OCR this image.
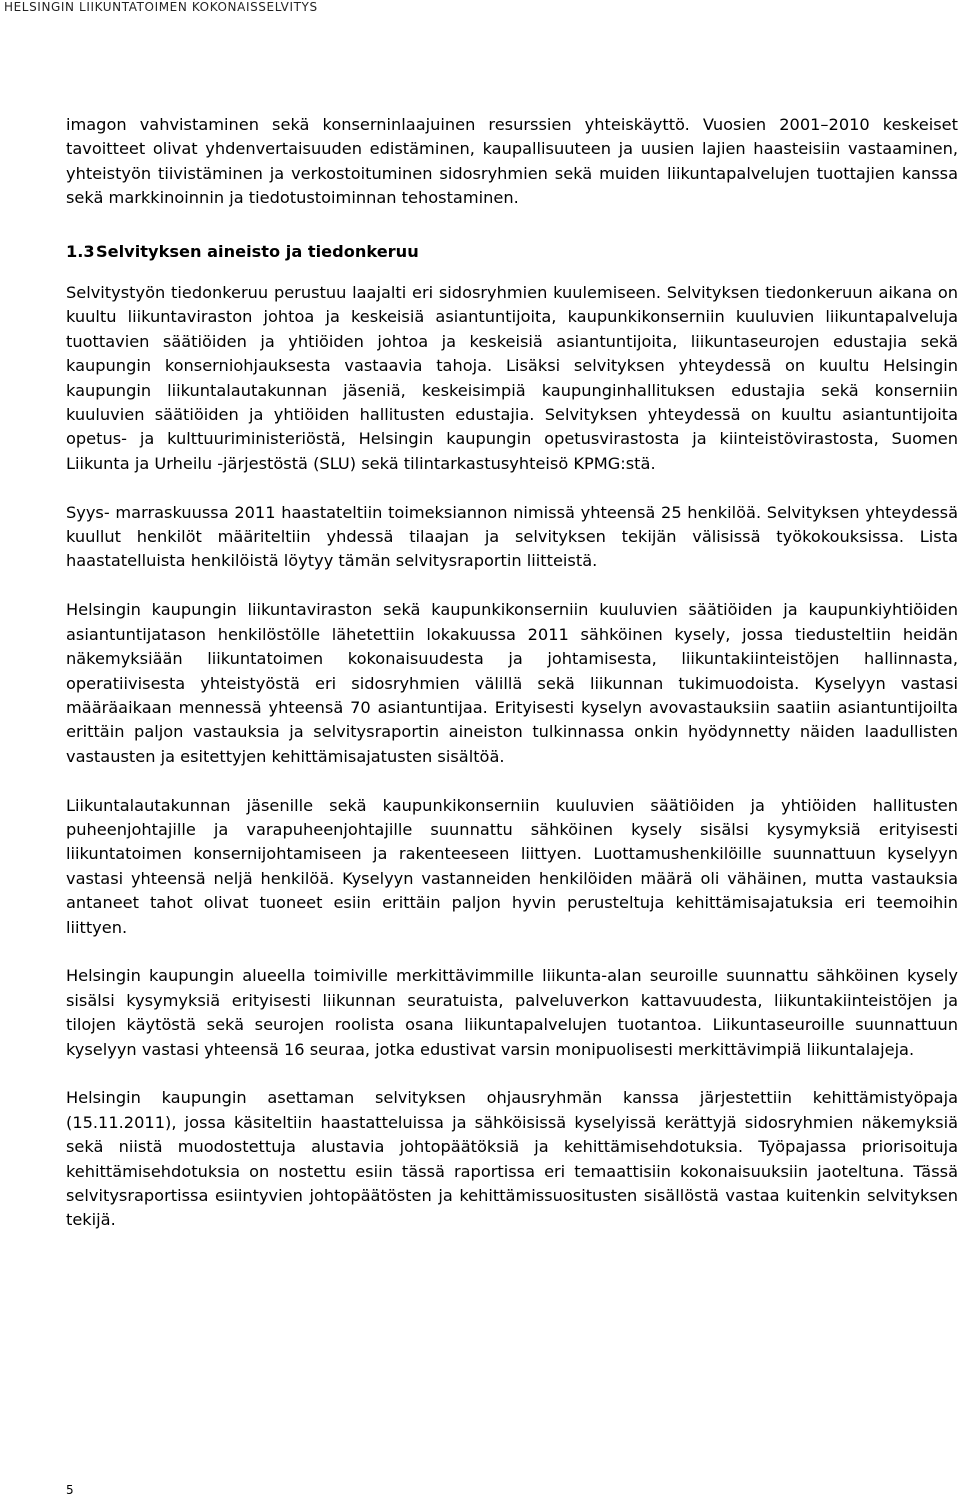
HELSINGIN LIIKUNTATOIMEN KOKONAISSELVITYS

imagon vahvistaminen sekä konserninlaajuinen resurssien yhteiskäyttö. Vuosien 2001–2010 keskeiset tavoitteet olivat yhdenvertaisuuden edistäminen, kaupallisuuteen ja uusien lajien haasteisiin vastaaminen, yhteistyön tiivistäminen ja verkostoituminen sidosryhmien sekä muiden liikuntapalvelujen tuottajien kanssa sekä markkinoinnin ja tiedotustoiminnan tehostaminen.

1.3Selvityksen aineisto ja tiedonkeruu

Selvitystyön tiedonkeruu perustuu laajalti eri sidosryhmien kuulemiseen. Selvityksen tiedonkeruun aikana on kuultu liikuntaviraston johtoa ja keskeisiä asiantuntijoita, kaupunkikonserniin kuuluvien liikuntapalveluja tuottavien säätiöiden ja yhtiöiden johtoa ja keskeisiä asiantuntijoita, liikuntaseurojen edustajia sekä kaupungin konserniohjauksesta vastaavia tahoja. Lisäksi selvityksen yhteydessä on kuultu Helsingin kaupungin liikuntalautakunnan jäseniä, keskeisimpiä kaupunginhallituksen edustajia sekä konserniin kuuluvien säätiöiden ja yhtiöiden hallitusten edustajia. Selvityksen yhteydessä on kuultu asiantuntijoita opetus- ja kulttuuriministeriöstä, Helsingin kaupungin opetusvirastosta ja kiinteistövirastosta, Suomen Liikunta ja Urheilu -järjestöstä (SLU) sekä tilintarkastusyhteisö KPMG:stä.

Syys- marraskuussa 2011 haastateltiin toimeksiannon nimissä yhteensä 25 henkilöä. Selvityksen yhteydessä kuullut henkilöt määriteltiin yhdessä tilaajan ja selvityksen tekijän välisissä työkokouksissa. Lista haastatelluista henkilöistä löytyy tämän selvitysraportin liitteistä.

Helsingin kaupungin liikuntaviraston sekä kaupunkikonserniin kuuluvien säätiöiden ja kaupunkiyhtiöiden asiantuntijatason henkilöstölle lähetettiin lokakuussa 2011 sähköinen kysely, jossa tiedusteltiin heidän näkemyksiään liikuntatoimen kokonaisuudesta ja johtamisesta, liikuntakiinteistöjen hallinnasta, operatiivisesta yhteistyöstä eri sidosryhmien välillä sekä liikunnan tukimuodoista. Kyselyyn vastasi määräaikaan mennessä yhteensä 70 asiantuntijaa. Erityisesti kyselyn avovastauksiin saatiin asiantuntijoilta erittäin paljon vastauksia ja selvitysraportin aineiston tulkinnassa onkin hyödynnetty näiden laadullisten vastausten ja esitettyjen kehittämisajatusten sisältöä.

Liikuntalautakunnan jäsenille sekä kaupunkikonserniin kuuluvien säätiöiden ja yhtiöiden hallitusten puheenjohtajille ja varapuheenjohtajille suunnattu sähköinen kysely sisälsi kysymyksiä erityisesti liikuntatoimen konsernijohtamiseen ja rakenteeseen liittyen. Luottamushenkilöille suunnattuun kyselyyn vastasi yhteensä neljä henkilöä. Kyselyyn vastanneiden henkilöiden määrä oli vähäinen, mutta vastauksia antaneet tahot olivat tuoneet esiin erittäin paljon hyvin perusteltuja kehittämisajatuksia eri teemoihin liittyen.

Helsingin kaupungin alueella toimiville merkittävimmille liikunta-alan seuroille suunnattu sähköinen kysely sisälsi kysymyksiä erityisesti liikunnan seuratuista, palveluverkon kattavuudesta, liikuntakiinteistöjen ja tilojen käytöstä sekä seurojen roolista osana liikuntapalvelujen tuotantoa. Liikuntaseuroille suunnattuun kyselyyn vastasi yhteensä 16 seuraa, jotka edustivat varsin monipuolisesti merkittävimpiä liikuntalajeja.

Helsingin kaupungin asettaman selvityksen ohjausryhmän kanssa järjestettiin kehittämistyöpaja (15.11.2011), jossa käsiteltiin haastatteluissa ja sähköisissä kyselyissä kerättyjä sidosryhmien näkemyksiä sekä niistä muodostettuja alustavia johtopäätöksiä ja kehittämisehdotuksia. Työpajassa priorisoituja kehittämisehdotuksia on nostettu esiin tässä raportissa eri temaattisiin kokonaisuuksiin jaoteltuna. Tässä selvitysraportissa esiintyvien johtopäätösten ja kehittämissuositusten sisällöstä vastaa kuitenkin selvityksen tekijä.

5
